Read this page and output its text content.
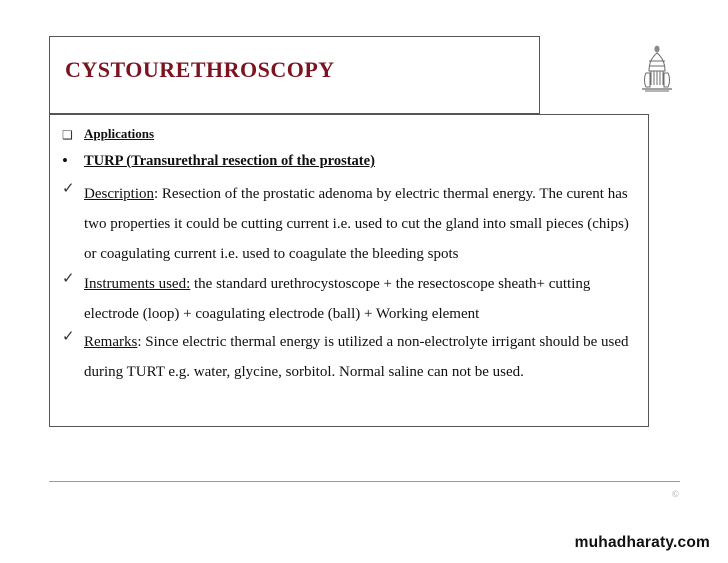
cystourethroscopy
❑ Applications
•	TURP (Transurethral resection of the prostate)
✓ Description: Resection of the prostatic adenoma by electric thermal energy. The curent has two properties it could be cutting current i.e. used to cut the gland into small pieces (chips) or coagulating current i.e. used to coagulate the bleeding spots
✓ Instruments used: the standard urethrocystoscope + the resectoscope sheath+ cutting electrode (loop) + coagulating electrode (ball) + Working element
✓ Remarks: Since electric thermal energy is utilized a non-electrolyte irrigant should be used during TURT e.g. water, glycine, sorbitol. Normal saline can not be used.
©
muhadharaty.com
